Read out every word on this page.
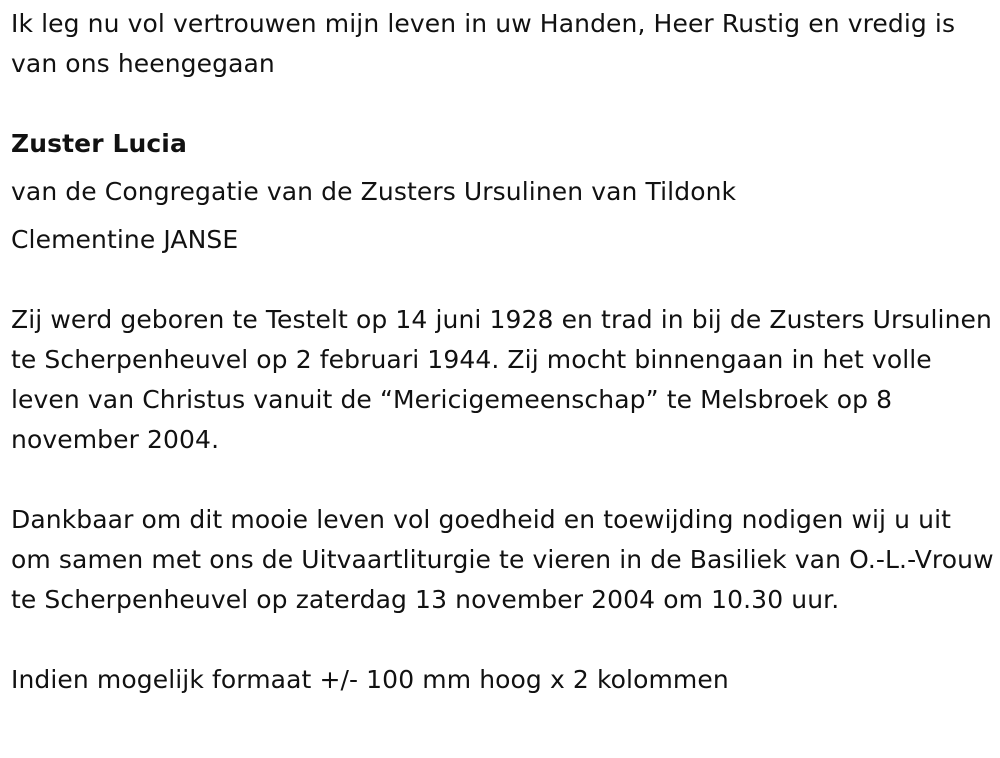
Ik leg nu vol vertrouwen mijn leven in uw Handen, Heer Rustig en vredig is van ons heengegaan

Zuster Lucia

van de Congregatie van de Zusters Ursulinen van Tildonk

Clementine JANSE

Zij werd geboren te Testelt op 14 juni 1928 en trad in bij de Zusters Ursulinen te Scherpenheuvel op 2 februari 1944. Zij mocht binnengaan in het volle leven van Christus vanuit de “Mericigemeenschap” te Melsbroek op 8 november 2004.

Dankbaar om dit mooie leven vol goedheid en toewijding nodigen wij u uit om samen met ons de Uitvaartliturgie te vieren in de Basiliek van O.-L.-Vrouw te Scherpenheuvel op zaterdag 13 november 2004 om 10.30 uur.

Indien mogelijk formaat +/- 100 mm hoog x 2 kolommen
